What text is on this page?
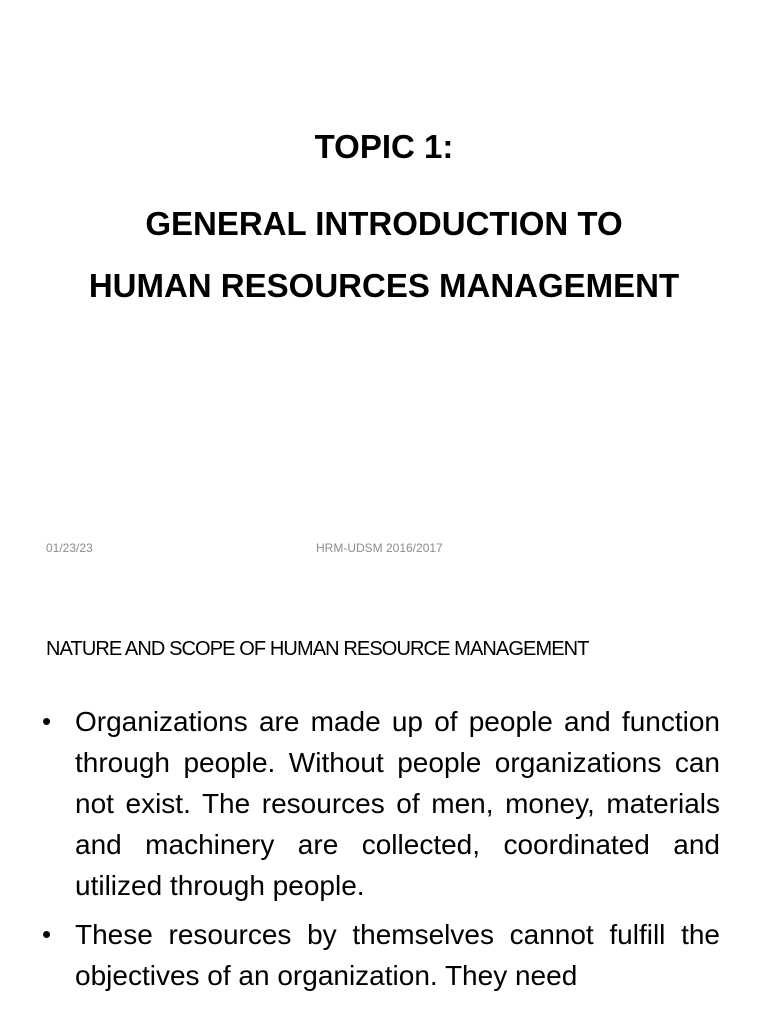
TOPIC 1:
GENERAL INTRODUCTION TO
HUMAN RESOURCES MANAGEMENT
01/23/23	HRM-UDSM 2016/2017
NATURE AND SCOPE OF HUMAN RESOURCE MANAGEMENT
• Organizations are made up of people and function through people. Without people organizations can not exist. The resources of men, money, materials and machinery are collected, coordinated and utilized through people.
• These resources by themselves cannot fulfill the objectives of an organization. They need
